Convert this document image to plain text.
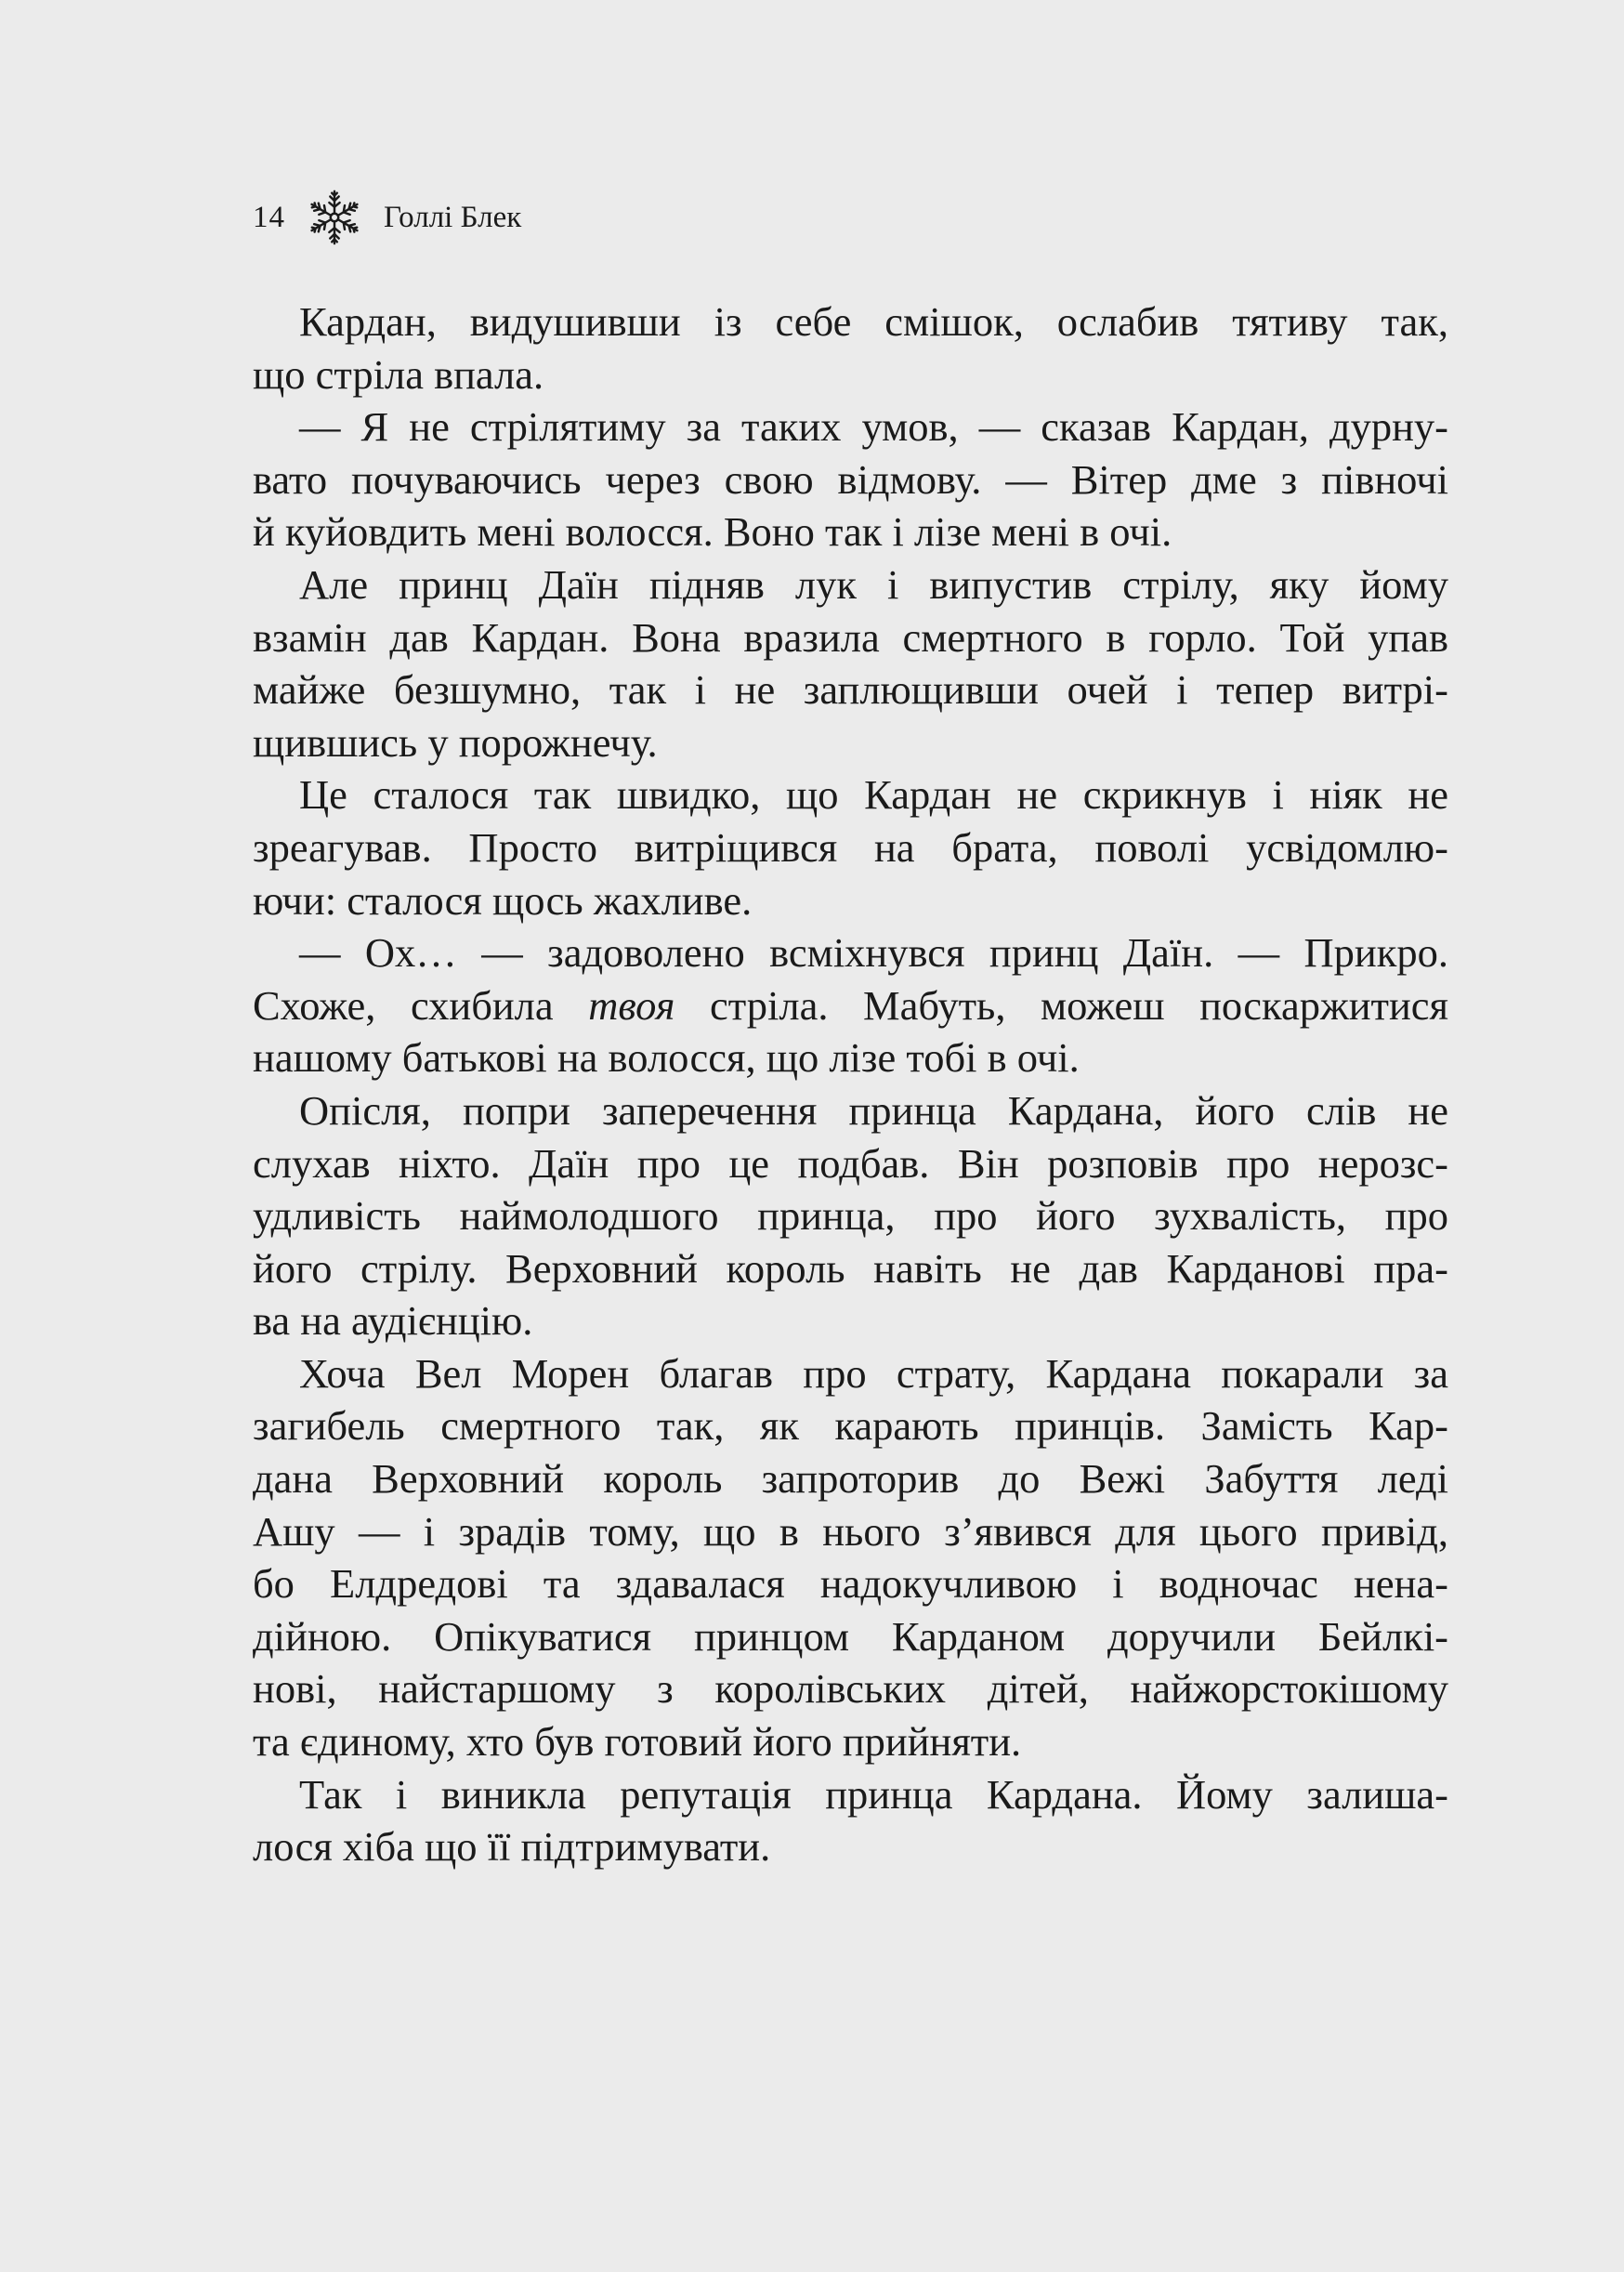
14	Голлі Блек
Кардан, видушивши із себе смішок, ослабив тятиву так,
що стріла впала.
— Я не стрілятиму за таких умов, — сказав Кардан, дурну-
вато почуваючись через свою відмову. — Вітер дме з півночі
й куйовдить мені волосся. Воно так і лізе мені в очі.
Але принц Даїн підняв лук і випустив стрілу, яку йому
взамін дав Кардан. Вона вразила смертного в горло. Той упав
майже безшумно, так і не заплющивши очей і тепер витрі-
щившись у порожнечу.
Це сталося так швидко, що Кардан не скрикнув і ніяк не
зреагував. Просто витріщився на брата, поволі усвідомлю-
ючи: сталося щось жахливе.
— Ох… — задоволено всміхнувся принц Даїн. — Прикро.
Схоже, схибила твоя стріла. Мабуть, можеш поскаржитися
нашому батькові на волосся, що лізе тобі в очі.
Опісля, попри заперечення принца Кардана, його слів не
слухав ніхто. Даїн про це подбав. Він розповів про нерозс-
удливість наймолодшого принца, про його зухвалість, про
його стрілу. Верховний король навіть не дав Карданові пра-
ва на аудієнцію.
Хоча Вел Морен благав про страту, Кардана покарали за
загибель смертного так, як карають принців. Замість Кар-
дана Верховний король запроторив до Вежі Забуття леді
Ашу — і зрадів тому, що в нього з’явився для цього привід,
бо Елдредові та здавалася надокучливою і водночас нена-
дійною. Опікуватися принцом Карданом доручили Бейлкі-
нові, найстаршому з королівських дітей, найжорстокішому
та єдиному, хто був готовий його прийняти.
Так і виникла репутація принца Кардана. Йому залиша-
лося хіба що її підтримувати.
